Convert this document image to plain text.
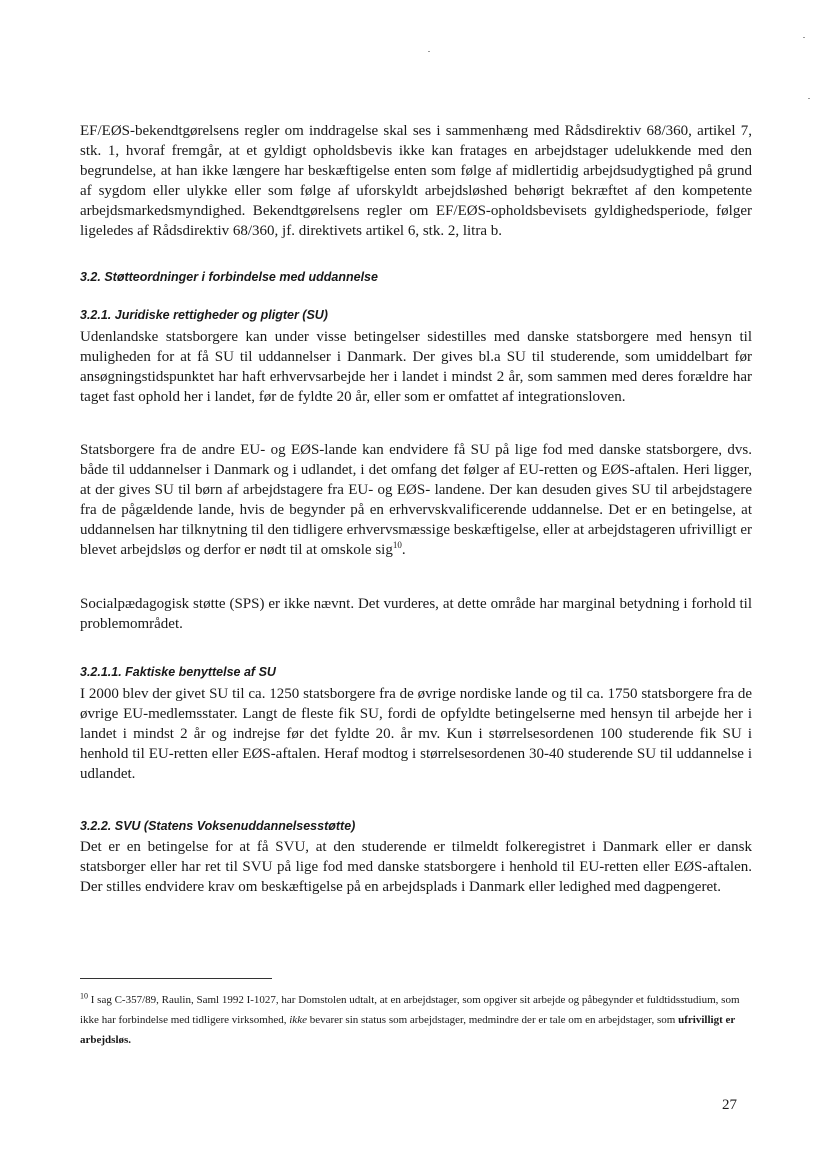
EF/EØS-bekendtgørelsens regler om inddragelse skal ses i sammenhæng med Rådsdirektiv 68/360, artikel 7, stk. 1, hvoraf fremgår, at et gyldigt opholdsbevis ikke kan fratages en arbejdstager udelukkende med den begrundelse, at han ikke længere har beskæftigelse enten som følge af midlertidig arbejdsudygtighed på grund af sygdom eller ulykke eller som følge af uforskyldt arbejdsløshed behørigt bekræftet af den kompetente arbejdsmarkedsmyndighed. Bekendtgørelsens regler om EF/EØS-opholdsbevisets gyldighedsperiode, følger ligeledes af Rådsdirektiv 68/360, jf. direktivets artikel 6, stk. 2, litra b.

3.2. Støtteordninger i forbindelse med uddannelse
3.2.1. Juridiske rettigheder og pligter (SU)

Udenlandske statsborgere kan under visse betingelser sidestilles med danske statsborgere med hensyn til muligheden for at få SU til uddannelser i Danmark. Der gives bl.a SU til studerende, som umiddelbart før ansøgningstidspunktet har haft erhvervsarbejde her i landet i mindst 2 år, som sammen med deres forældre har taget fast ophold her i landet, før de fyldte 20 år, eller som er omfattet af integrationsloven.

Statsborgere fra de andre EU- og EØS-lande kan endvidere få SU på lige fod med danske statsborgere, dvs. både til uddannelser i Danmark og i udlandet, i det omfang det følger af EU-retten og EØS-aftalen. Heri ligger, at der gives SU til børn af arbejdstagere fra EU- og EØS- landene. Der kan desuden gives SU til arbejdstagere fra de pågældende lande, hvis de begynder på en erhvervskvalificerende uddannelse. Det er en betingelse, at uddannelsen har tilknytning til den tidligere erhvervsmæssige beskæftigelse, eller at arbejdstageren ufrivilligt er blevet arbejdsløs og derfor er nødt til at omskole sig$^{10}$.

Socialpædagogisk støtte (SPS) er ikke nævnt. Det vurderes, at dette område har marginal betydning i forhold til problemområdet.

3.2.1.1. Faktiske benyttelse af SU

I 2000 blev der givet SU til ca. 1250 statsborgere fra de øvrige nordiske lande og til ca. 1750 statsborgere fra de øvrige EU-medlemsstater. Langt de fleste fik SU, fordi de opfyldte betingelserne med hensyn til arbejde her i landet i mindst 2 år og indrejse før det fyldte 20. år mv. Kun i størrelsesordenen 100 studerende fik SU i henhold til EU-retten eller EØS-aftalen. Heraf modtog i størrelsesordenen 30-40 studerende SU til uddannelse i udlandet.

3.2.2. SVU (Statens Voksenuddannelsesstøtte)

Det er en betingelse for at få SVU, at den studerende er tilmeldt folkeregistret i Danmark eller er dansk statsborger eller har ret til SVU på lige fod med danske statsborgere i henhold til EU-retten eller EØS-aftalen. Der stilles endvidere krav om beskæftigelse på en arbejdsplads i Danmark eller ledighed med dagpengeret.

$^{10}$ I sag C-357/89, Raulin, Saml 1992 I-1027, har Domstolen udtalt, at en arbejdstager, som opgiver sit arbejde og påbegynder et fuldtidsstudium, som ikke har forbindelse med tidligere virksomhed, ikke bevarer sin status som arbejdstager, medmindre der er tale om en arbejdstager, som ufrivilligt er arbejdsløs.
27
